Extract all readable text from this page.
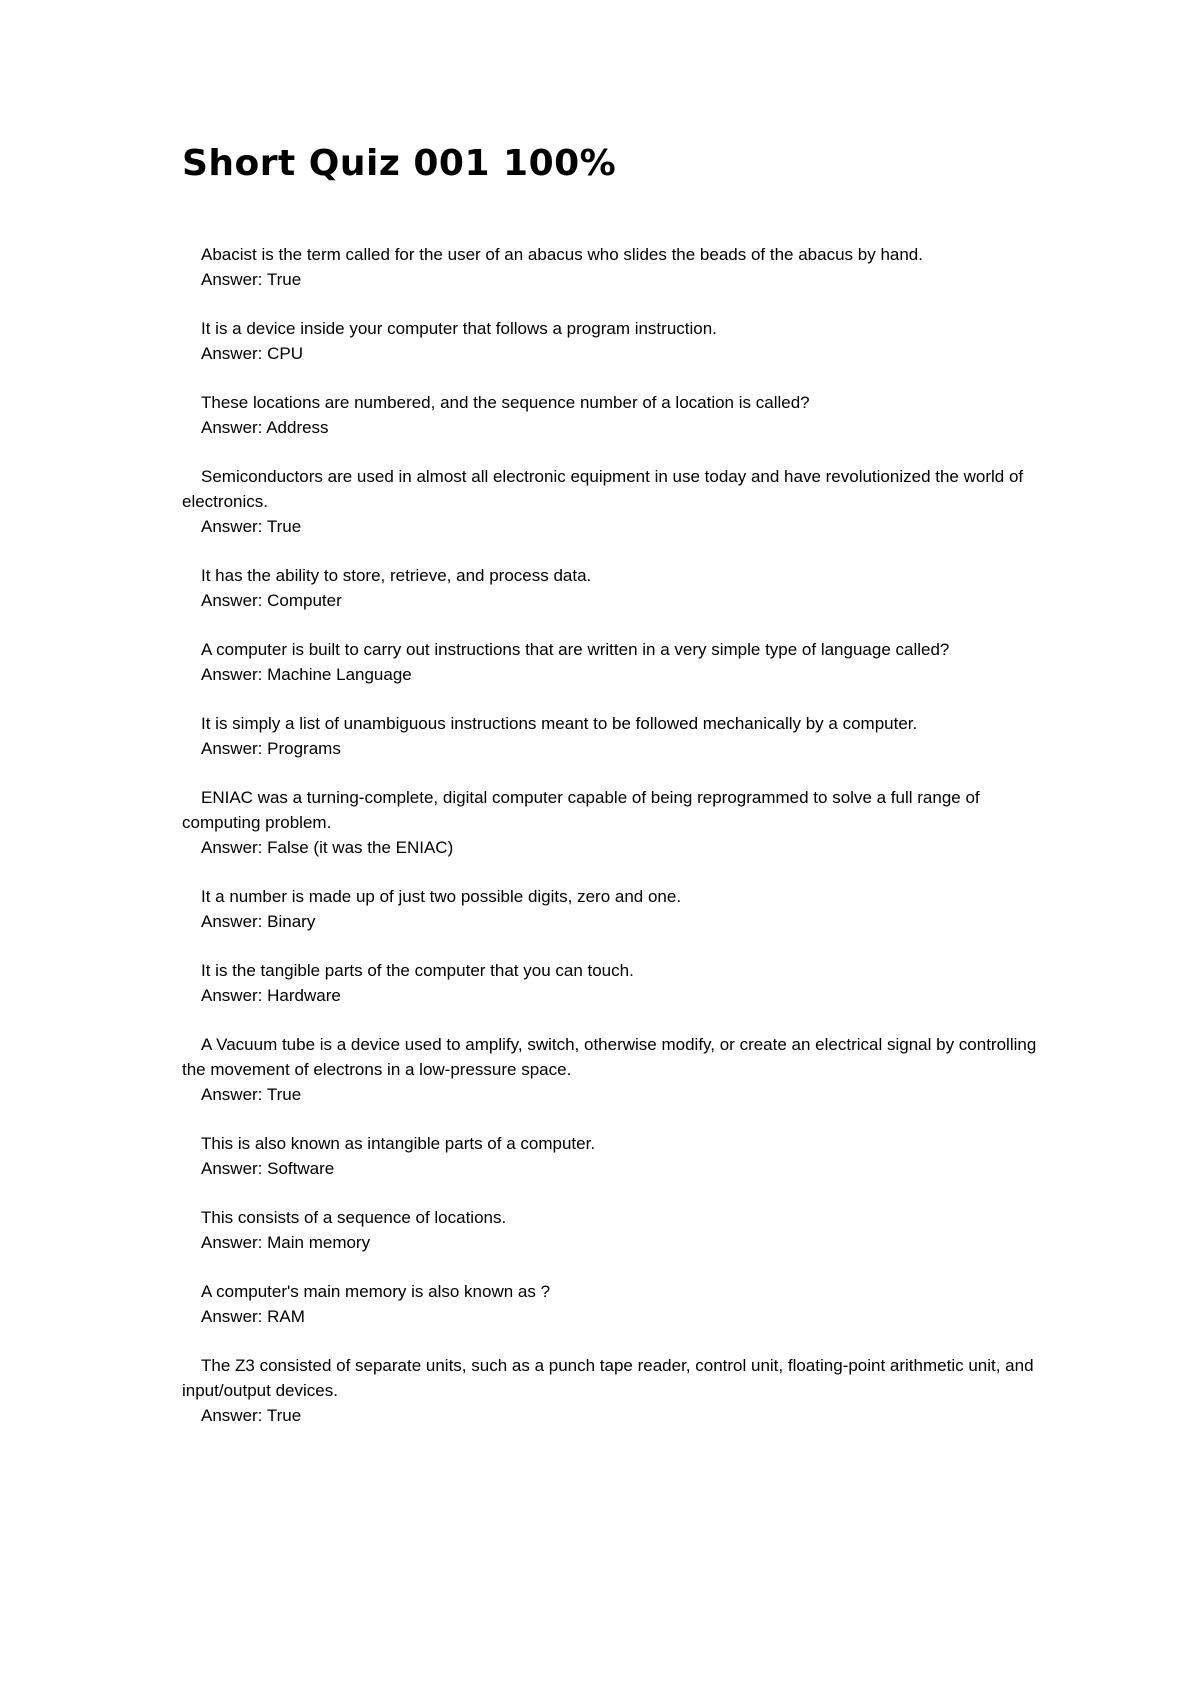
Short Quiz 001 100%

Abacist is the term called for the user of an abacus who slides the beads of the abacus by hand.

Answer: True

It is a device inside your computer that follows a program instruction.

Answer: CPU

These locations are numbered, and the sequence number of a location is called?

Answer: Address

Semiconductors are used in almost all electronic equipment in use today and have revolutionized the world of electronics.

Answer: True

It has the ability to store, retrieve, and process data.

Answer: Computer

A computer is built to carry out instructions that are written in a very simple type of language called?

Answer: Machine Language

It is simply a list of unambiguous instructions meant to be followed mechanically by a computer.

Answer: Programs

ENIAC was a turning-complete, digital computer capable of being reprogrammed to solve a full range of computing problem.

Answer: False (it was the ENIAC)

It a number is made up of just two possible digits, zero and one.

Answer: Binary

It is the tangible parts of the computer that you can touch.

Answer: Hardware

A Vacuum tube is a device used to amplify, switch, otherwise modify, or create an electrical signal by controlling the movement of electrons in a low-pressure space.

Answer: True

This is also known as intangible parts of a computer.

Answer: Software

This consists of a sequence of locations.

Answer: Main memory

A computer's main memory is also known as ?

Answer: RAM

The Z3 consisted of separate units, such as a punch tape reader, control unit, floating-point arithmetic unit, and input/output devices.

Answer: True
